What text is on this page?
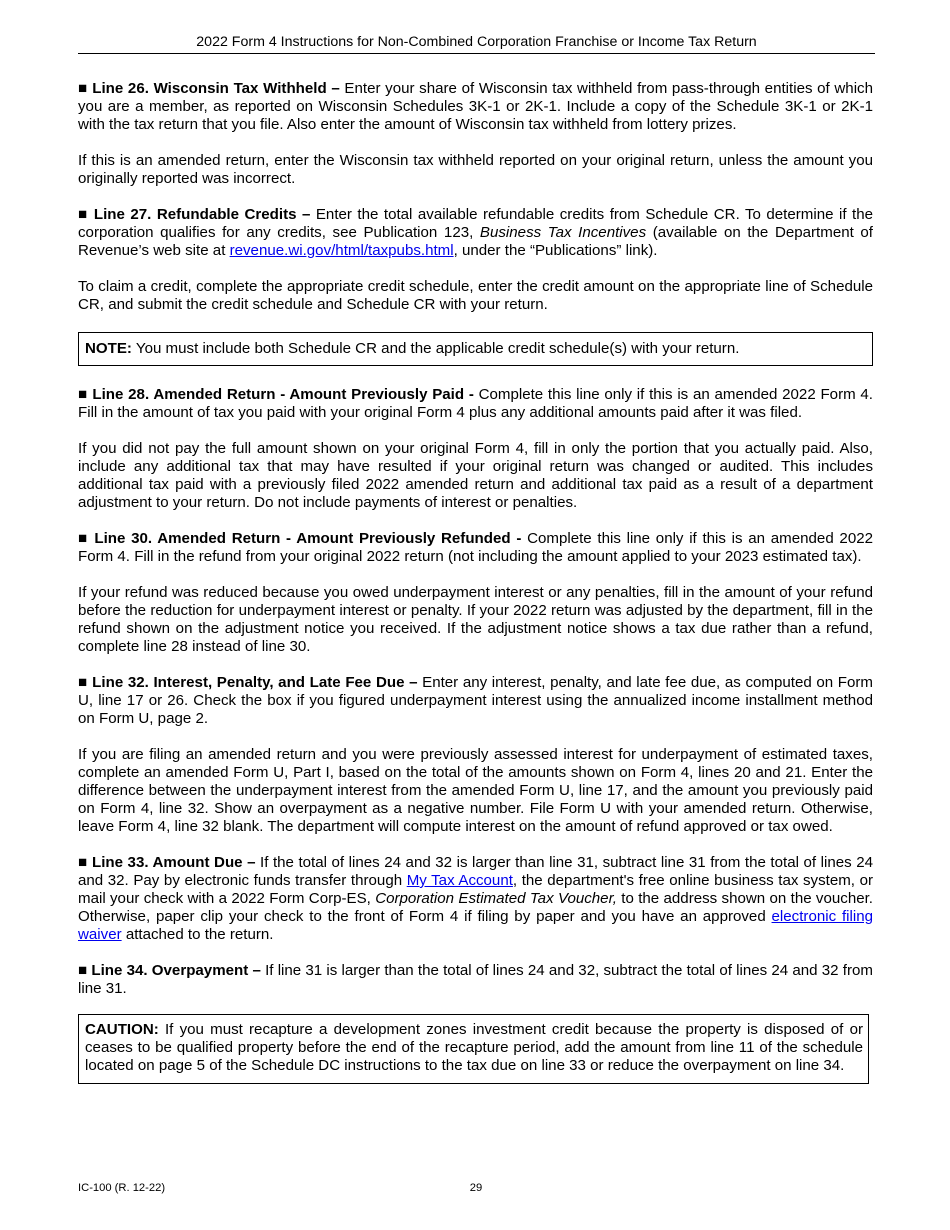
2022 Form 4 Instructions for Non-Combined Corporation Franchise or Income Tax Return

■ Line 26. Wisconsin Tax Withheld – Enter your share of Wisconsin tax withheld from pass-through entities of which you are a member, as reported on Wisconsin Schedules 3K-1 or 2K-1. Include a copy of the Schedule 3K-1 or 2K-1 with the tax return that you file. Also enter the amount of Wisconsin tax withheld from lottery prizes.

If this is an amended return, enter the Wisconsin tax withheld reported on your original return, unless the amount you originally reported was incorrect.

■ Line 27. Refundable Credits – Enter the total available refundable credits from Schedule CR. To determine if the corporation qualifies for any credits, see Publication 123, Business Tax Incentives (available on the Department of Revenue’s web site at revenue.wi.gov/html/taxpubs.html, under the “Publications” link).

To claim a credit, complete the appropriate credit schedule, enter the credit amount on the appropriate line of Schedule CR, and submit the credit schedule and Schedule CR with your return.

NOTE: You must include both Schedule CR and the applicable credit schedule(s) with your return.

■ Line 28. Amended Return - Amount Previously Paid - Complete this line only if this is an amended 2022 Form 4. Fill in the amount of tax you paid with your original Form 4 plus any additional amounts paid after it was filed.

If you did not pay the full amount shown on your original Form 4, fill in only the portion that you actually paid. Also, include any additional tax that may have resulted if your original return was changed or audited. This includes additional tax paid with a previously filed 2022 amended return and additional tax paid as a result of a department adjustment to your return. Do not include payments of interest or penalties.

■ Line 30. Amended Return - Amount Previously Refunded - Complete this line only if this is an amended 2022 Form 4. Fill in the refund from your original 2022 return (not including the amount applied to your 2023 estimated tax).

If your refund was reduced because you owed underpayment interest or any penalties, fill in the amount of your refund before the reduction for underpayment interest or penalty. If your 2022 return was adjusted by the department, fill in the refund shown on the adjustment notice you received. If the adjustment notice shows a tax due rather than a refund, complete line 28 instead of line 30.

■ Line 32. Interest, Penalty, and Late Fee Due – Enter any interest, penalty, and late fee due, as computed on Form U, line 17 or 26. Check the box if you figured underpayment interest using the annualized income installment method on Form U, page 2.

If you are filing an amended return and you were previously assessed interest for underpayment of estimated taxes, complete an amended Form U, Part I, based on the total of the amounts shown on Form 4, lines 20 and 21. Enter the difference between the underpayment interest from the amended Form U, line 17, and the amount you previously paid on Form 4, line 32. Show an overpayment as a negative number. File Form U with your amended return. Otherwise, leave Form 4, line 32 blank. The department will compute interest on the amount of refund approved or tax owed.

■ Line 33. Amount Due – If the total of lines 24 and 32 is larger than line 31, subtract line 31 from the total of lines 24 and 32. Pay by electronic funds transfer through My Tax Account, the department's free online business tax system, or mail your check with a 2022 Form Corp-ES, Corporation Estimated Tax Voucher, to the address shown on the voucher. Otherwise, paper clip your check to the front of Form 4 if filing by paper and you have an approved electronic filing waiver attached to the return.

■ Line 34. Overpayment – If line 31 is larger than the total of lines 24 and 32, subtract the total of lines 24 and 32 from line 31.

CAUTION: If you must recapture a development zones investment credit because the property is disposed of or ceases to be qualified property before the end of the recapture period, add the amount from line 11 of the schedule located on page 5 of the Schedule DC instructions to the tax due on line 33 or reduce the overpayment on line 34.
IC-100 (R. 12-22)	29
